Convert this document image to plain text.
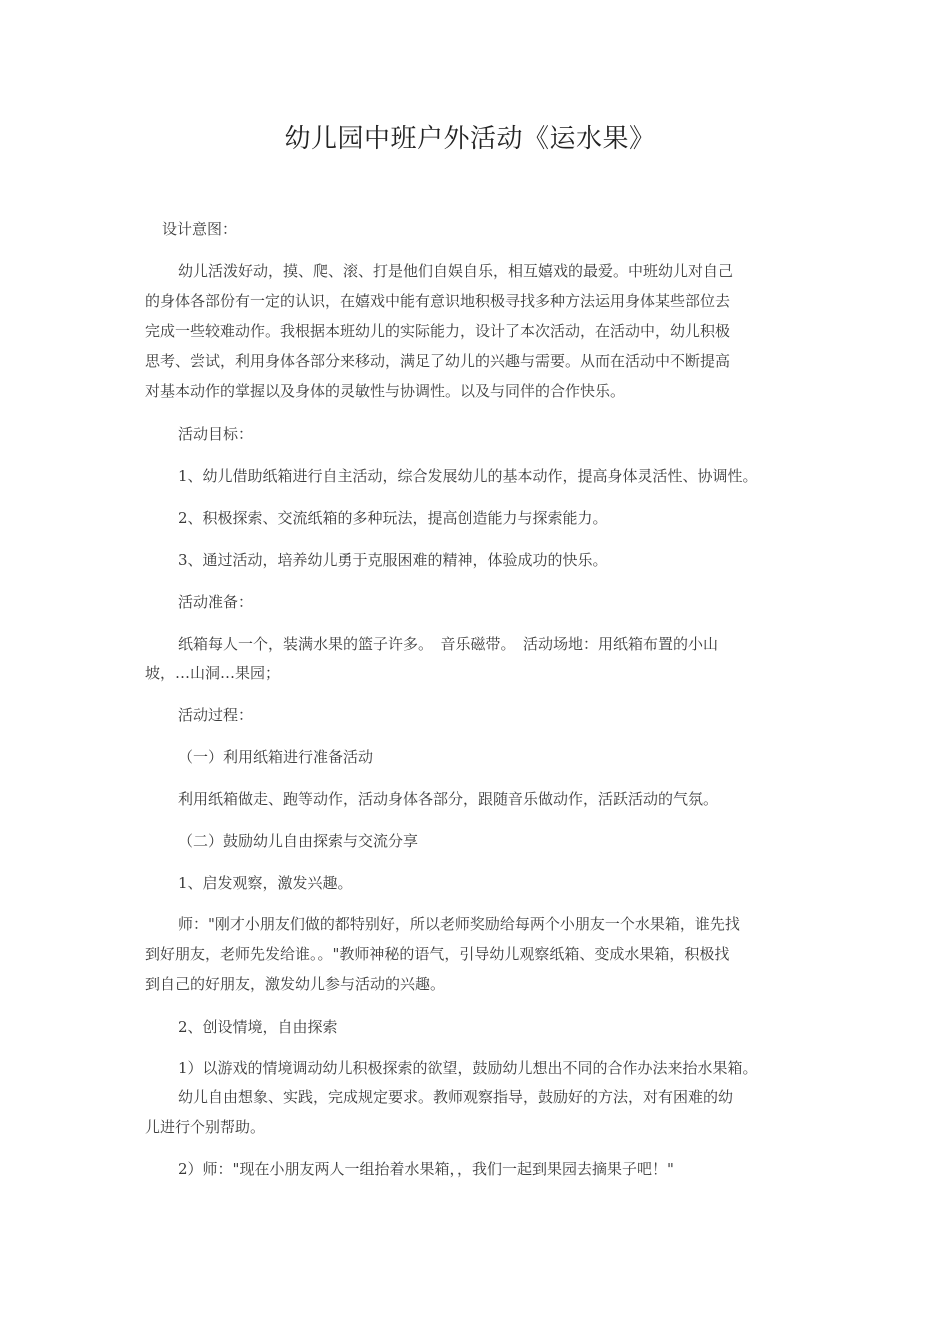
幼儿园中班户外活动《运水果》
设计意图：
幼儿活泼好动，摸、爬、滚、打是他们自娱自乐，相互嬉戏的最爱。中班幼儿对自己
的身体各部份有一定的认识，在嬉戏中能有意识地积极寻找多种方法运用身体某些部位去
完成一些较难动作。我根据本班幼儿的实际能力，设计了本次活动，在活动中，幼儿积极
思考、尝试，利用身体各部分来移动，满足了幼儿的兴趣与需要。从而在活动中不断提高
对基本动作的掌握以及身体的灵敏性与协调性。以及与同伴的合作快乐。
活动目标：
1、幼儿借助纸箱进行自主活动，综合发展幼儿的基本动作，提高身体灵活性、协调性。
2、积极探索、交流纸箱的多种玩法，提高创造能力与探索能力。
3、通过活动，培养幼儿勇于克服困难的精神，体验成功的快乐。
活动准备：
纸箱每人一个，装满水果的篮子许多。　音乐磁带。　活动场地：用纸箱布置的小山
坡，…山洞…果园；
活动过程：
（一）利用纸箱进行准备活动
利用纸箱做走、跑等动作，活动身体各部分，跟随音乐做动作，活跃活动的气氛。
（二）鼓励幼儿自由探索与交流分享
1、启发观察，激发兴趣。
师："刚才小朋友们做的都特别好，所以老师奖励给每两个小朋友一个水果箱，谁先找
到好朋友，老师先发给谁。。"教师神秘的语气，引导幼儿观察纸箱、变成水果箱，积极找
到自己的好朋友，激发幼儿参与活动的兴趣。
2、创设情境，自由探索
1）以游戏的情境调动幼儿积极探索的欲望，鼓励幼儿想出不同的合作办法来抬水果箱。
幼儿自由想象、实践，完成规定要求。教师观察指导，鼓励好的方法，对有困难的幼
儿进行个别帮助。
2）师："现在小朋友两人一组抬着水果箱，，我们一起到果园去摘果子吧！"
